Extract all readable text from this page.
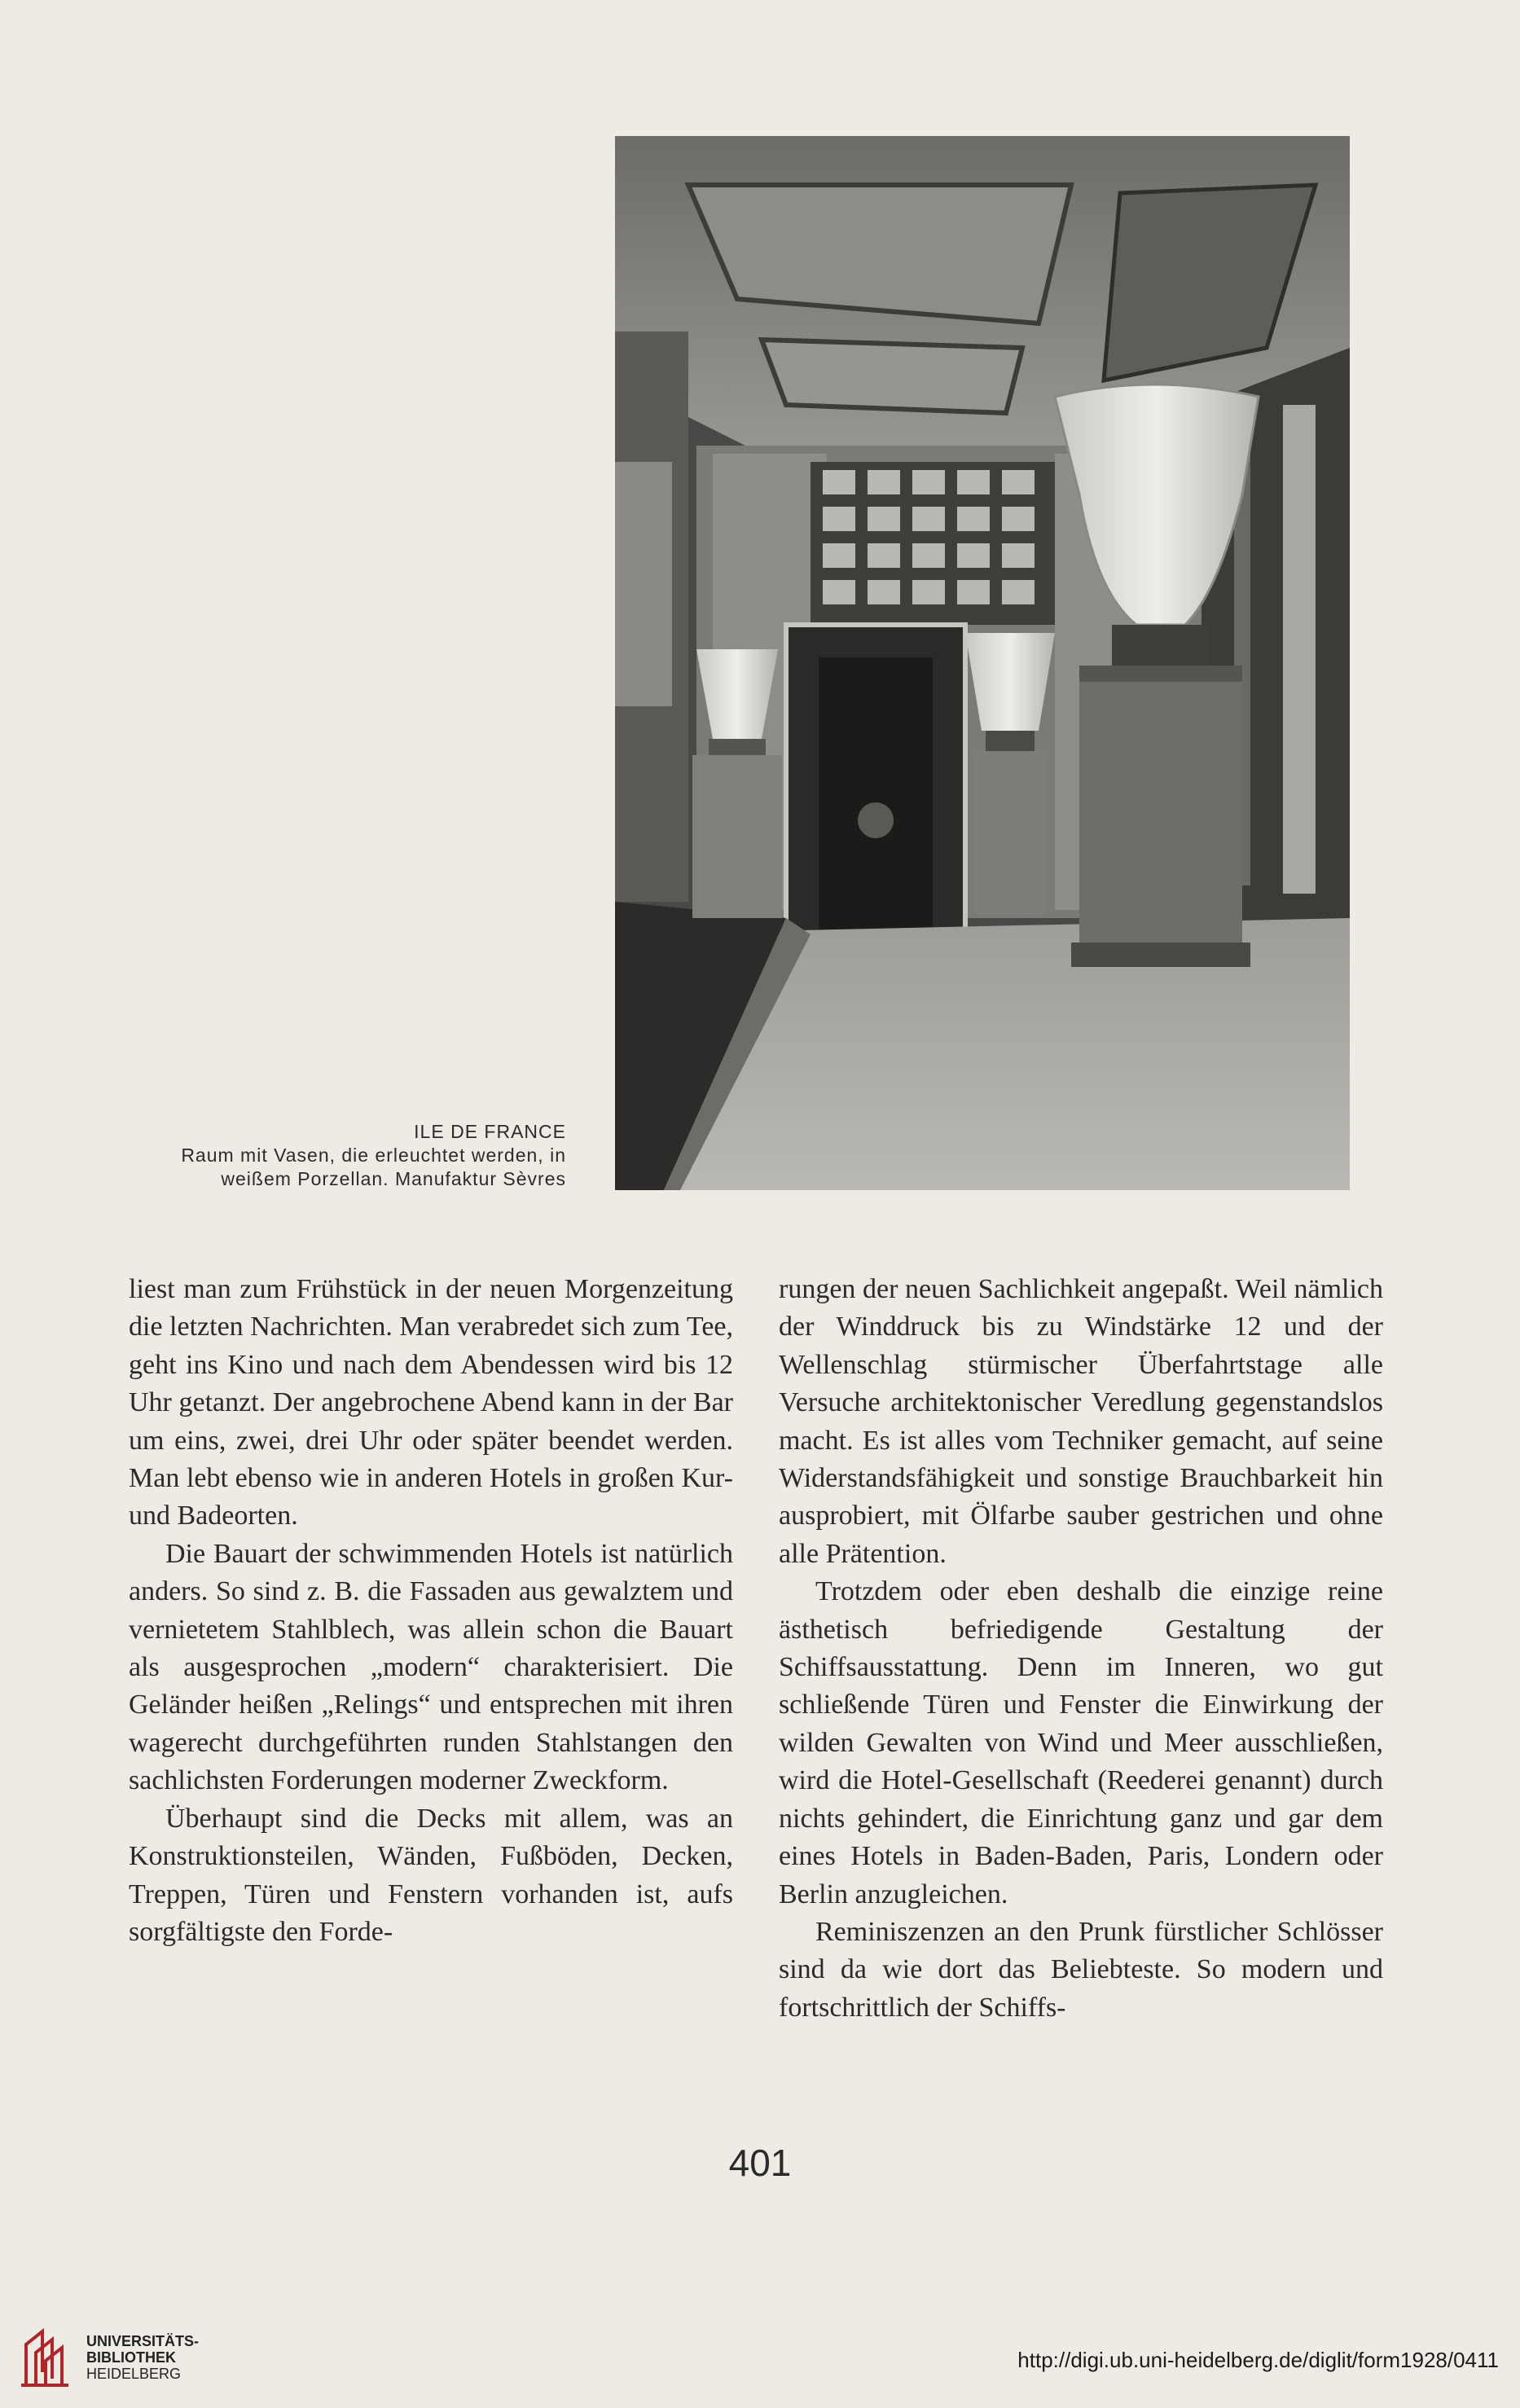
ILE DE FRANCE
Raum mit Vasen, die erleuchtet werden, in
weißem Porzellan. Manufaktur Sèvres

liest man zum Frühstück in der neuen Morgenzeitung die letzten Nachrichten. Man verabredet sich zum Tee, geht ins Kino und nach dem Abendessen wird bis 12 Uhr getanzt. Der angebrochene Abend kann in der Bar um eins, zwei, drei Uhr oder später beendet werden. Man lebt ebenso wie in anderen Hotels in großen Kur- und Badeorten.

Die Bauart der schwimmenden Hotels ist natürlich anders. So sind z. B. die Fassaden aus gewalztem und vernietetem Stahlblech, was allein schon die Bauart als ausgesprochen „modern“ charakterisiert. Die Geländer heißen „Relings“ und entsprechen mit ihren wagerecht durchgeführten runden Stahlstangen den sachlichsten Forderungen moderner Zweckform.

Überhaupt sind die Decks mit allem, was an Konstruktionsteilen, Wänden, Fußböden, Decken, Treppen, Türen und Fenstern vorhanden ist, aufs sorgfältigste den Forde-

rungen der neuen Sachlichkeit angepaßt. Weil nämlich der Winddruck bis zu Windstärke 12 und der Wellenschlag stürmischer Überfahrtstage alle Versuche architektonischer Veredlung gegenstandslos macht. Es ist alles vom Techniker gemacht, auf seine Widerstandsfähigkeit und sonstige Brauchbarkeit hin ausprobiert, mit Ölfarbe sauber gestrichen und ohne alle Prätention.

Trotzdem oder eben deshalb die einzige reine ästhetisch befriedigende Gestaltung der Schiffsausstattung. Denn im Inneren, wo gut schließende Türen und Fenster die Einwirkung der wilden Gewalten von Wind und Meer ausschließen, wird die Hotel-Gesellschaft (Reederei genannt) durch nichts gehindert, die Einrichtung ganz und gar dem eines Hotels in Baden-Baden, Paris, Londern oder Berlin anzugleichen.

Reminiszenzen an den Prunk fürstlicher Schlösser sind da wie dort das Beliebteste. So modern und fortschrittlich der Schiffs-

401
UNIVERSITÄTS-
BIBLIOTHEK
HEIDELBERG
http://digi.ub.uni-heidelberg.de/diglit/form1928/0411
